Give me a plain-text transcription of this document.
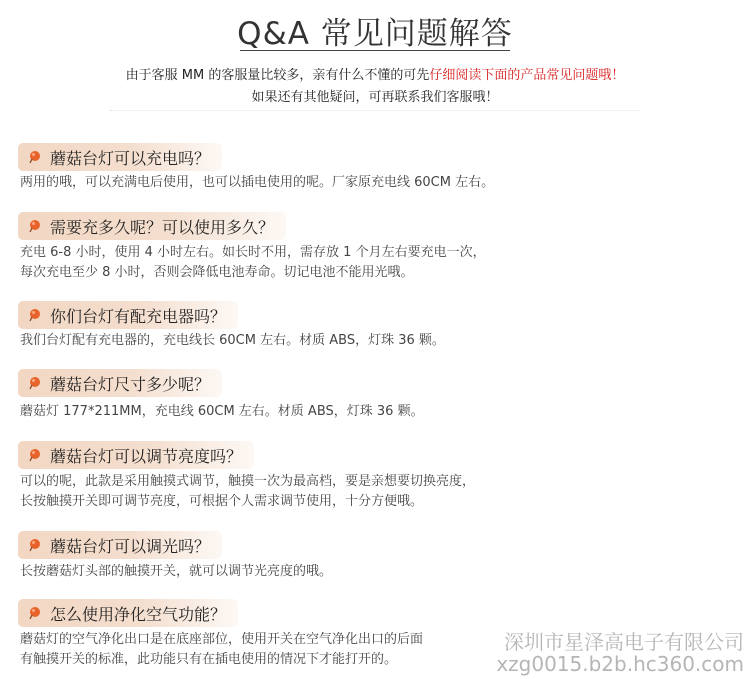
Q&A 常见问题解答
由于客服 MM 的客服量比较多，亲有什么不懂的可先仔细阅读下面的产品常见问题哦！
如果还有其他疑问，可再联系我们客服哦！
蘑菇台灯可以充电吗？
两用的哦，可以充满电后使用，也可以插电使用的呢。厂家原充电线 60CM 左右。
需要充多久呢？可以使用多久？
充电 6-8 小时，使用 4 小时左右。如长时不用，需存放 1 个月左右要充电一次，
每次充电至少 8 小时，否则会降低电池寿命。切记电池不能用光哦。
你们台灯有配充电器吗？
我们台灯配有充电器的，充电线长 60CM 左右。材质 ABS，灯珠 36 颗。
蘑菇台灯尺寸多少呢？
蘑菇灯 177*211MM，充电线 60CM 左右。材质 ABS，灯珠 36 颗。
蘑菇台灯可以调节亮度吗？
可以的呢，此款是采用触摸式调节，触摸一次为最高档，要是亲想要切换亮度，
长按触摸开关即可调节亮度，可根据个人需求调节使用，十分方便哦。
蘑菇台灯可以调光吗？
长按蘑菇灯头部的触摸开关，就可以调节光亮度的哦。
怎么使用净化空气功能？
蘑菇灯的空气净化出口是在底座部位，使用开关在空气净化出口的后面
有触摸开关的标准，此功能只有在插电使用的情况下才能打开的。
深圳市星泽高电子有限公司
xzg0015.b2b.hc360.com
